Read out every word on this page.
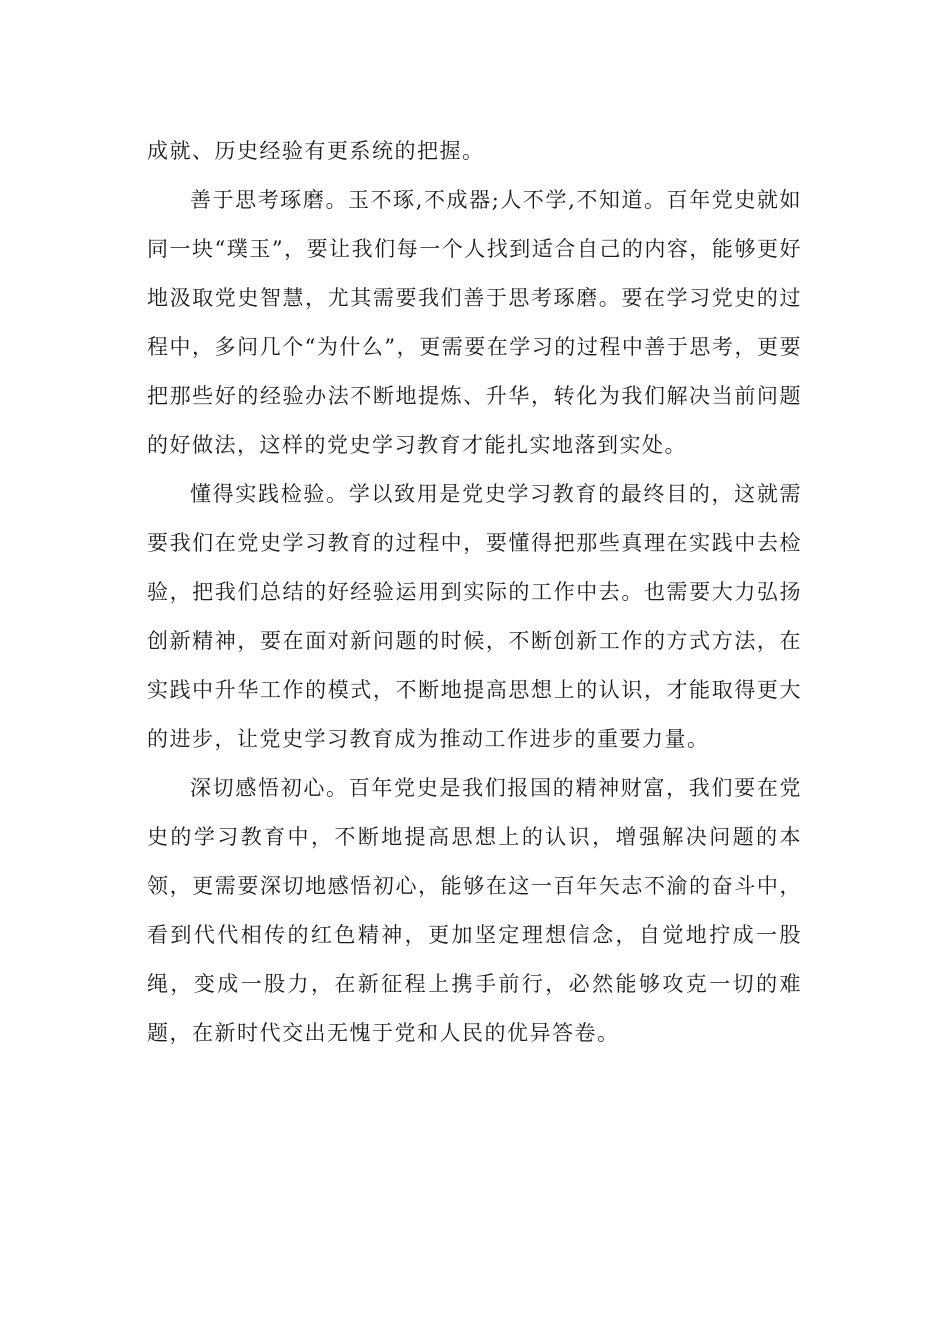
成就、历史经验有更系统的把握。

善于思考琢磨。玉不琢,不成器;人不学,不知道。百年党史就如同一块“璞玉”，要让我们每一个人找到适合自己的内容，能够更好地汲取党史智慧，尤其需要我们善于思考琢磨。要在学习党史的过程中，多问几个“为什么”，更需要在学习的过程中善于思考，更要把那些好的经验办法不断地提炼、升华，转化为我们解决当前问题的好做法，这样的党史学习教育才能扎实地落到实处。

懂得实践检验。学以致用是党史学习教育的最终目的，这就需要我们在党史学习教育的过程中，要懂得把那些真理在实践中去检验，把我们总结的好经验运用到实际的工作中去。也需要大力弘扬创新精神，要在面对新问题的时候，不断创新工作的方式方法，在实践中升华工作的模式，不断地提高思想上的认识，才能取得更大的进步，让党史学习教育成为推动工作进步的重要力量。

深切感悟初心。百年党史是我们报国的精神财富，我们要在党史的学习教育中，不断地提高思想上的认识，增强解决问题的本领，更需要深切地感悟初心，能够在这一百年矢志不渝的奋斗中，看到代代相传的红色精神，更加坚定理想信念，自觉地拧成一股绳，变成一股力，在新征程上携手前行，必然能够攻克一切的难题，在新时代交出无愧于党和人民的优异答卷。
